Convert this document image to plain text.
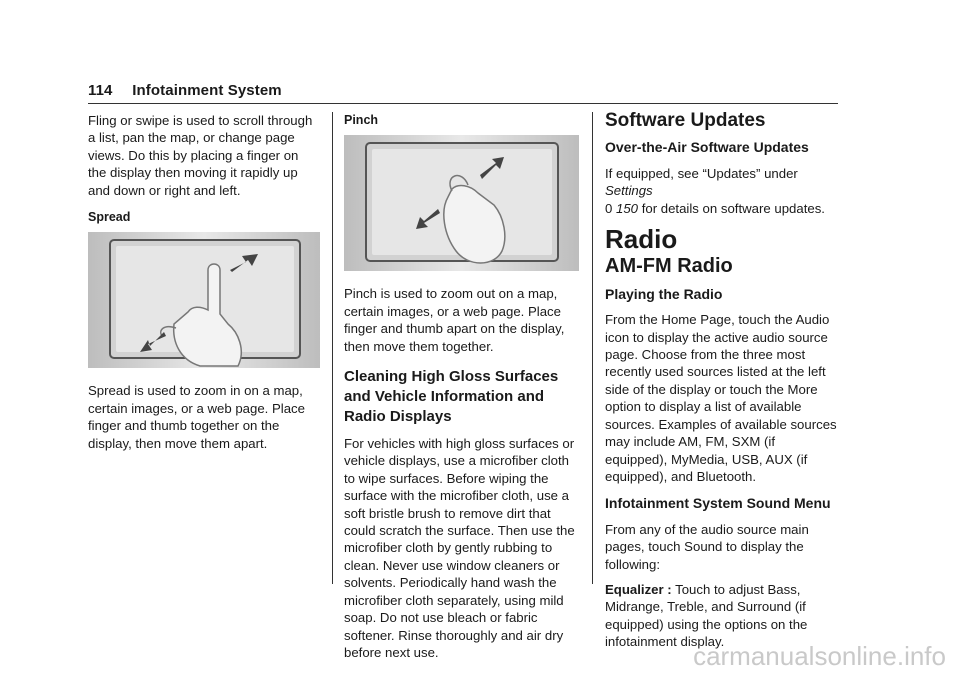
114 Infotainment System

Fling or swipe is used to scroll through a list, pan the map, or change page views. Do this by placing a finger on the display then moving it rapidly up and down or right and left.

Spread

Spread is used to zoom in on a map, certain images, or a web page. Place finger and thumb together on the display, then move them apart.

Pinch

Pinch is used to zoom out on a map, certain images, or a web page. Place finger and thumb apart on the display, then move them together.

Cleaning High Gloss Surfaces and Vehicle Information and Radio Displays

For vehicles with high gloss surfaces or vehicle displays, use a microfiber cloth to wipe surfaces. Before wiping the surface with the microfiber cloth, use a soft bristle brush to remove dirt that could scratch the surface. Then use the microfiber cloth by gently rubbing to clean. Never use window cleaners or solvents. Periodically hand wash the microfiber cloth separately, using mild soap. Do not use bleach or fabric softener. Rinse thoroughly and air dry before next use.

Software Updates

Over-the-Air Software Updates

If equipped, see “Updates” under Settings
0 150 for details on software updates.

Radio

AM-FM Radio

Playing the Radio

From the Home Page, touch the Audio icon to display the active audio source page. Choose from the three most recently used sources listed at the left side of the display or touch the More option to display a list of available sources. Examples of available sources may include AM, FM, SXM (if equipped), MyMedia, USB, AUX (if equipped), and Bluetooth.

Infotainment System Sound Menu

From any of the audio source main pages, touch Sound to display the following:

Equalizer : Touch to adjust Bass, Midrange, Treble, and Surround (if equipped) using the options on the infotainment display.

carmanualsonline.info
